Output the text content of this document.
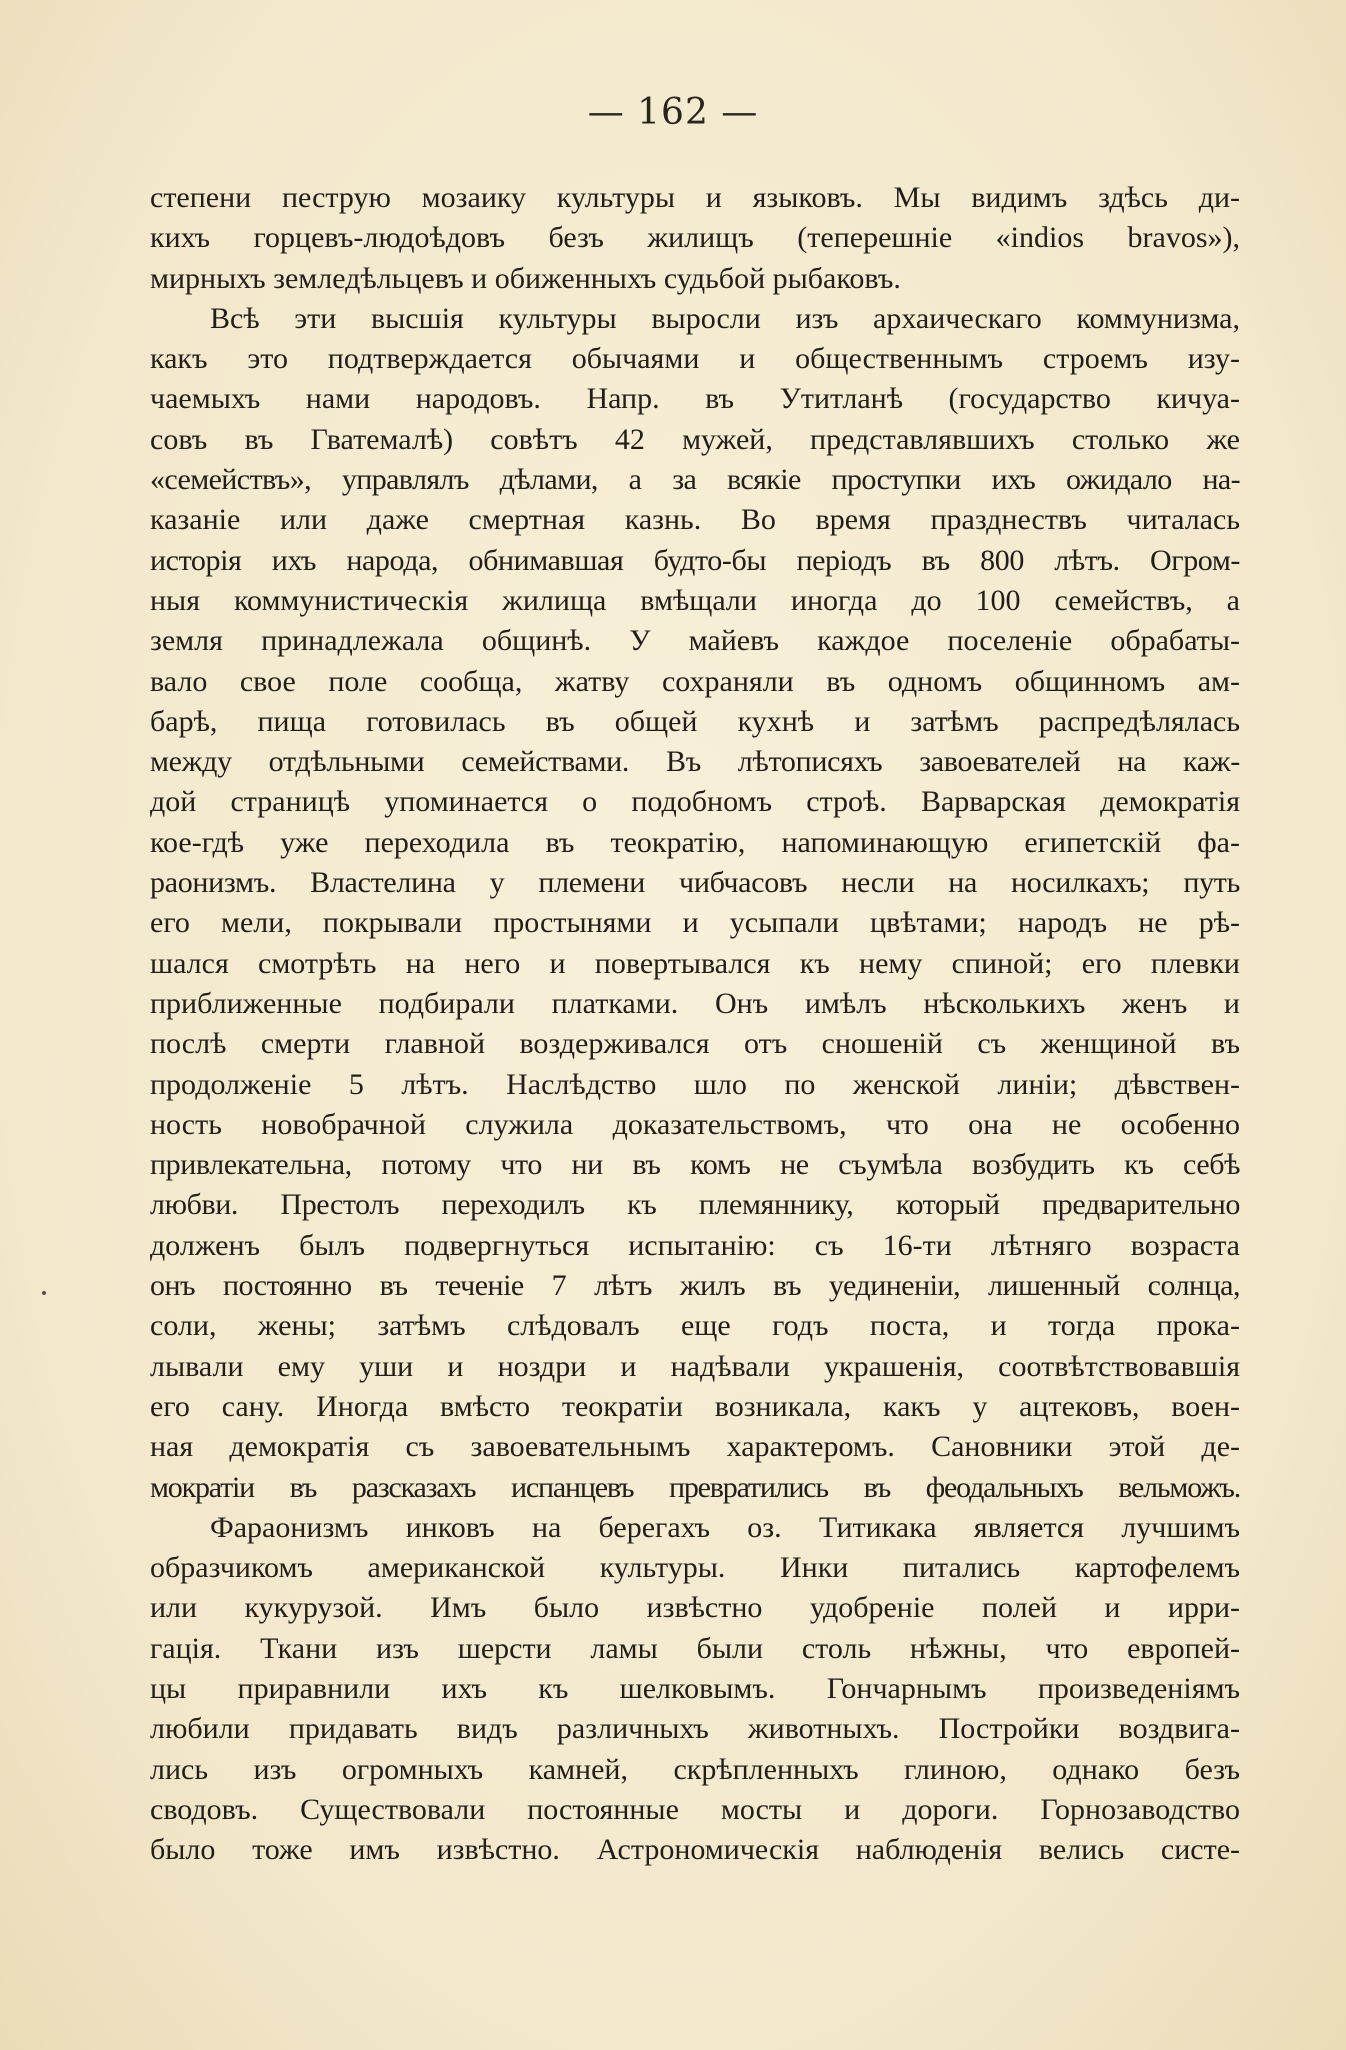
— 162 —
степени пеструю мозаику культуры и языковъ. Мы видимъ здѣсь ди-
кихъ горцевъ-людоѣдовъ безъ жилищъ (теперешніе «indios bravos»),
мирныхъ земледѣльцевъ и обиженныхъ судьбой рыбаковъ.
Всѣ эти высшія культуры выросли изъ архаическаго коммунизма,
какъ это подтверждается обычаями и общественнымъ строемъ изу-
чаемыхъ нами народовъ. Напр. въ Утитланѣ (государство кичуа-
совъ въ Гватемалѣ) совѣтъ 42 мужей, представлявшихъ столько же
«семействъ», управлялъ дѣлами, а за всякіе проступки ихъ ожидало на-
казаніе или даже смертная казнь. Во время празднествъ читалась
исторія ихъ народа, обнимавшая будто-бы періодъ въ 800 лѣтъ. Огром-
ныя коммунистическія жилища вмѣщали иногда до 100 семействъ, а
земля принадлежала общинѣ. У майевъ каждое поселеніе обрабаты-
вало свое поле сообща, жатву сохраняли въ одномъ общинномъ ам-
барѣ, пища готовилась въ общей кухнѣ и затѣмъ распредѣлялась
между отдѣльными семействами. Въ лѣтописяхъ завоевателей на каж-
дой страницѣ упоминается о подобномъ строѣ. Варварская демократія
кое-гдѣ уже переходила въ теократію, напоминающую египетскій фа-
раонизмъ. Властелина у племени чибчасовъ несли на носилкахъ; путь
его мели, покрывали простынями и усыпали цвѣтами; народъ не рѣ-
шался смотрѣть на него и повертывался къ нему спиной; его плевки
приближенные подбирали платками. Онъ имѣлъ нѣсколькихъ женъ и
послѣ смерти главной воздерживался отъ сношеній съ женщиной въ
продолженіе 5 лѣтъ. Наслѣдство шло по женской линіи; дѣвствен-
ность новобрачной служила доказательствомъ, что она не особенно
привлекательна, потому что ни въ комъ не съумѣла возбудить къ себѣ
любви. Престолъ переходилъ къ племяннику, который предварительно
долженъ былъ подвергнуться испытанію: съ 16-ти лѣтняго возраста
онъ постоянно въ теченіе 7 лѣтъ жилъ въ уединеніи, лишенный солнца,
соли, жены; затѣмъ слѣдовалъ еще годъ поста, и тогда прока-
лывали ему уши и ноздри и надѣвали украшенія, соотвѣтствовавшія
его сану. Иногда вмѣсто теократіи возникала, какъ у ацтековъ, воен-
ная демократія съ завоевательнымъ характеромъ. Сановники этой де-
мократіи въ разсказахъ испанцевъ превратились въ феодальныхъ вельможъ.
Фараонизмъ инковъ на берегахъ оз. Титикака является лучшимъ
образчикомъ американской культуры. Инки питались картофелемъ
или кукурузой. Имъ было извѣстно удобреніе полей и ирри-
гація. Ткани изъ шерсти ламы были столь нѣжны, что европей-
цы приравнили ихъ къ шелковымъ. Гончарнымъ произведеніямъ
любили придавать видъ различныхъ животныхъ. Постройки воздвига-
лись изъ огромныхъ камней, скрѣпленныхъ глиною, однако безъ
сводовъ. Существовали постоянные мосты и дороги. Горнозаводство
было тоже имъ извѣстно. Астрономическія наблюденія велись систе-
